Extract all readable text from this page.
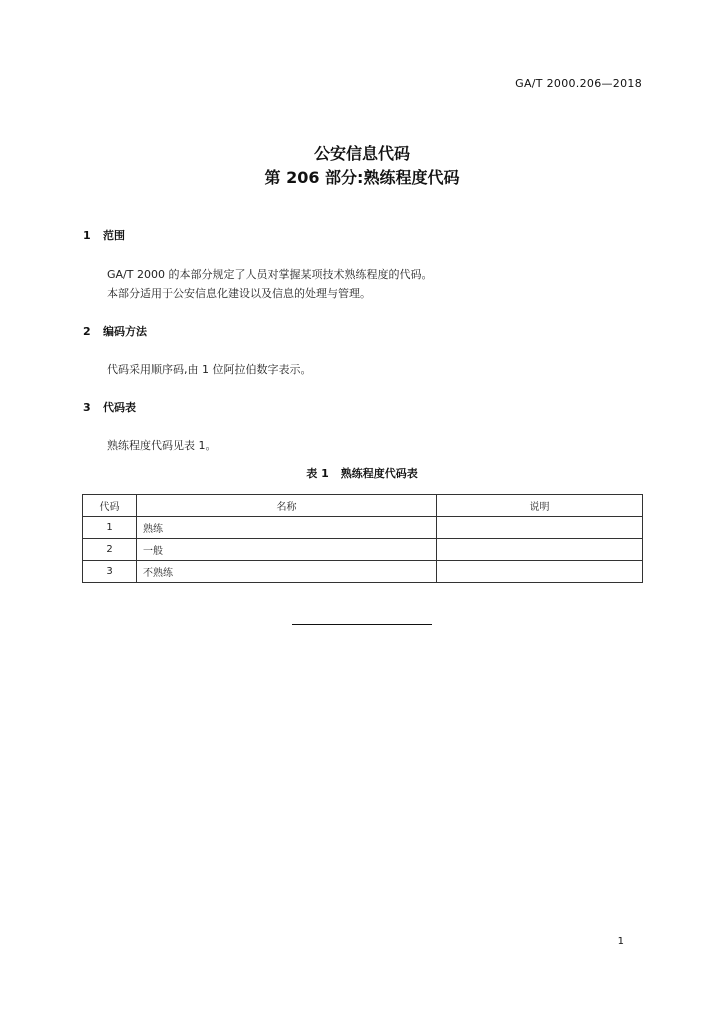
GA/T 2000.206—2018
公安信息代码
第 206 部分:熟练程度代码
1 范围
GA/T 2000 的本部分规定了人员对掌握某项技术熟练程度的代码。
本部分适用于公安信息化建设以及信息的处理与管理。
2 编码方法
代码采用顺序码,由 1 位阿拉伯数字表示。
3 代码表
熟练程度代码见表 1。
表 1 熟练程度代码表
代码	名称	说明
1	熟练	
2	一般	
3	不熟练	
1
